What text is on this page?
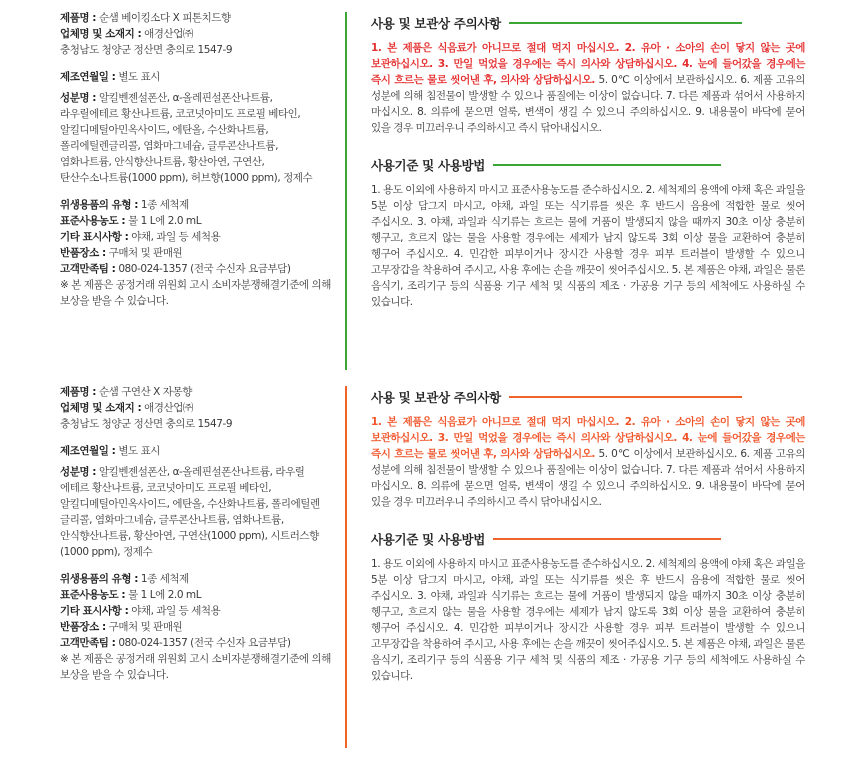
제품명 : 순샘 베이킹소다 X 피톤치드향

업체명 및 소재지 : 애경산업㈜

충청남도 청양군 정산면 충의로 1547-9

제조연월일 : 별도 표시

성분명 : 알킬벤젠설폰산, α-올레핀설폰산나트륨, 라우릴에테르 황산나트륨, 코코넛아미도 프로필 베타인, 알킬디메틸아민옥사이드, 에탄올, 수산화나트륨, 폴리에틸렌글리콜, 염화마그네슘, 글루콘산나트륨, 염화나트륨, 안식향산나트륨, 황산아연, 구연산, 탄산수소나트륨(1000 ppm), 허브향(1000 ppm), 정제수

위생용품의 유형 : 1종 세척제

표준사용농도 : 물 1 L에 2.0 mL

기타 표시사항 : 야채, 과일 등 세척용

반품장소 : 구매처 및 판매원

고객만족팀 : 080-024-1357 (전국 수신자 요금부담)

※ 본 제품은 공정거래 위원회 고시 소비자분쟁해결기준에 의해 보상을 받을 수 있습니다.

사용 및 보관상 주의사항

1. 본 제품은 식음료가 아니므로 절대 먹지 마십시오. 2. 유아 · 소아의 손이 닿지 않는 곳에 보관하십시오. 3. 만일 먹었을 경우에는 즉시 의사와 상담하십시오. 4. 눈에 들어갔을 경우에는 즉시 흐르는 물로 씻어낸 후, 의사와 상담하십시오. 5. 0℃ 이상에서 보관하십시오. 6. 제품 고유의 성분에 의해 침전물이 발생할 수 있으나 품질에는 이상이 없습니다. 7. 다른 제품과 섞어서 사용하지 마십시오. 8. 의류에 묻으면 얼룩, 변색이 생길 수 있으니 주의하십시오. 9. 내용물이 바닥에 묻어 있을 경우 미끄러우니 주의하시고 즉시 닦아내십시오.

사용기준 및 사용방법

1. 용도 이외에 사용하지 마시고 표준사용농도를 준수하십시오. 2. 세척제의 용액에 야채 혹은 과일을 5분 이상 담그지 마시고, 야채, 과일 또는 식기류를 씻은 후 반드시 음용에 적합한 물로 씻어 주십시오. 3. 야채, 과일과 식기류는 흐르는 물에 거품이 발생되지 않을 때까지 30초 이상 충분히 헹구고, 흐르지 않는 물을 사용할 경우에는 세제가 남지 않도록 3회 이상 물을 교환하여 충분히 헹구어 주십시오. 4. 민감한 피부이거나 장시간 사용할 경우 피부 트러블이 발생할 수 있으니 고무장갑을 착용하여 주시고, 사용 후에는 손을 깨끗이 씻어주십시오. 5. 본 제품은 야채, 과일은 물론 음식기, 조리기구 등의 식품용 기구 세척 및 식품의 제조 · 가공용 기구 등의 세척에도 사용하실 수 있습니다.

제품명 : 순샘 구연산 X 자몽향

업체명 및 소재지 : 애경산업㈜

충청남도 청양군 정산면 충의로 1547-9

제조연월일 : 별도 표시

성분명 : 알킬벤젠설폰산, α-올레핀설폰산나트륨, 라우릴 에테르 황산나트륨, 코코넛아미도 프로필 베타인, 알킬디메틸아민옥사이드, 에탄올, 수산화나트륨, 폴리에틸렌 글리콜, 염화마그네슘, 글루콘산나트륨, 염화나트륨, 안식향산나트륨, 황산아연, 구연산(1000 ppm), 시트러스향(1000 ppm), 정제수

위생용품의 유형 : 1종 세척제

표준사용농도 : 물 1 L에 2.0 mL

기타 표시사항 : 야채, 과일 등 세척용

반품장소 : 구매처 및 판매원

고객만족팀 : 080-024-1357 (전국 수신자 요금부담)

※ 본 제품은 공정거래 위원회 고시 소비자분쟁해결기준에 의해 보상을 받을 수 있습니다.

사용 및 보관상 주의사항

1. 본 제품은 식음료가 아니므로 절대 먹지 마십시오. 2. 유아 · 소아의 손이 닿지 않는 곳에 보관하십시오. 3. 만일 먹었을 경우에는 즉시 의사와 상담하십시오. 4. 눈에 들어갔을 경우에는 즉시 흐르는 물로 씻어낸 후, 의사와 상담하십시오. 5. 0℃ 이상에서 보관하십시오. 6. 제품 고유의 성분에 의해 침전물이 발생할 수 있으나 품질에는 이상이 없습니다. 7. 다른 제품과 섞어서 사용하지 마십시오. 8. 의류에 묻으면 얼룩, 변색이 생길 수 있으니 주의하십시오. 9. 내용물이 바닥에 묻어 있을 경우 미끄러우니 주의하시고 즉시 닦아내십시오.

사용기준 및 사용방법

1. 용도 이외에 사용하지 마시고 표준사용농도를 준수하십시오. 2. 세척제의 용액에 야채 혹은 과일을 5분 이상 담그지 마시고, 야채, 과일 또는 식기류를 씻은 후 반드시 음용에 적합한 물로 씻어 주십시오. 3. 야채, 과일과 식기류는 흐르는 물에 거품이 발생되지 않을 때까지 30초 이상 충분히 헹구고, 흐르지 않는 물을 사용할 경우에는 세제가 남지 않도록 3회 이상 물을 교환하여 충분히 헹구어 주십시오. 4. 민감한 피부이거나 장시간 사용할 경우 피부 트러블이 발생할 수 있으니 고무장갑을 착용하여 주시고, 사용 후에는 손을 깨끗이 씻어주십시오. 5. 본 제품은 야채, 과일은 물론 음식기, 조리기구 등의 식품용 기구 세척 및 식품의 제조 · 가공용 기구 등의 세척에도 사용하실 수 있습니다.
